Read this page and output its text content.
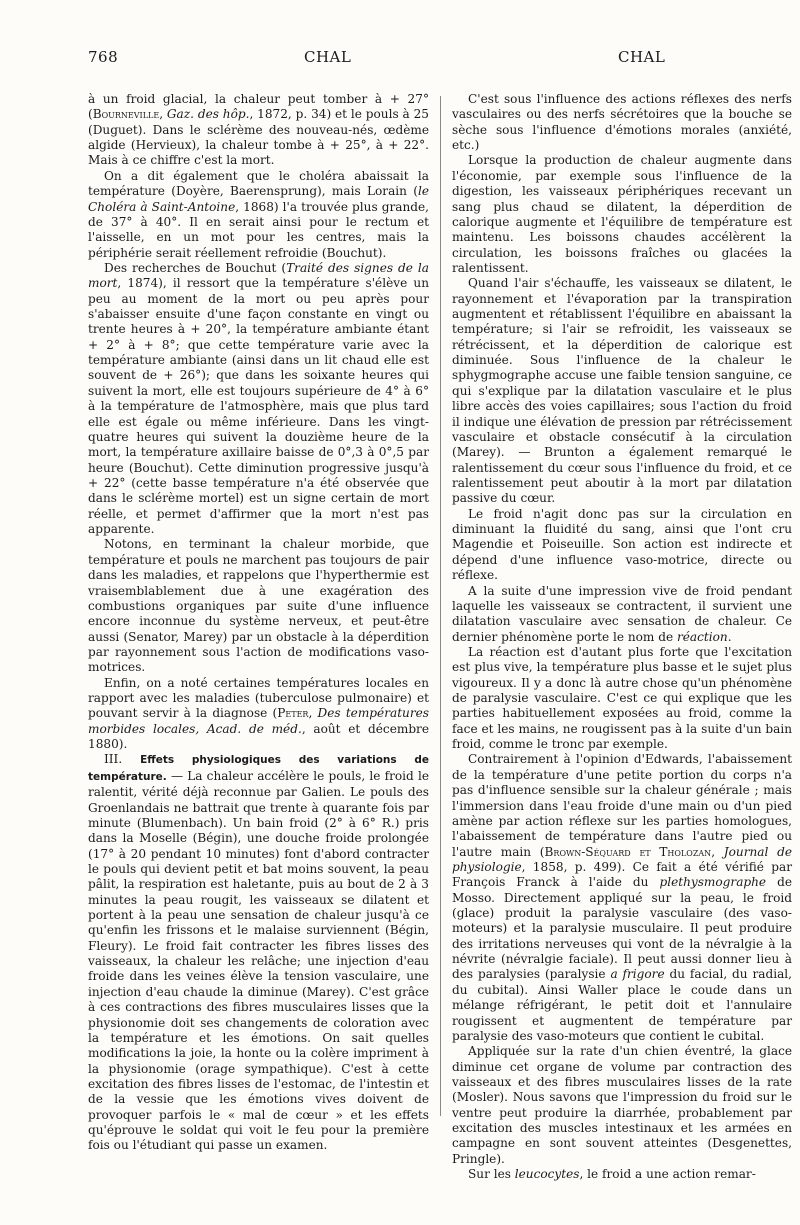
768	CHAL	CHAL

à un froid glacial, la chaleur peut tomber à + 27° (Bourneville, Gaz. des hôp., 1872, p. 34) et le pouls à 25 (Duguet). Dans le sclérème des nouveau-nés, œdème algide (Hervieux), la chaleur tombe à + 25°, à + 22°. Mais à ce chiffre c'est la mort.

On a dit également que le choléra abaissait la température (Doyère, Baerensprung), mais Lorain (le Choléra à Saint-Antoine, 1868) l'a trouvée plus grande, de 37° à 40°. Il en serait ainsi pour le rectum et l'aisselle, en un mot pour les centres, mais la périphérie serait réellement refroidie (Bouchut).

Des recherches de Bouchut (Traité des signes de la mort, 1874), il ressort que la température s'élève un peu au moment de la mort ou peu après pour s'abaisser ensuite d'une façon constante en vingt ou trente heures à + 20°, la température ambiante étant + 2° à + 8°; que cette température varie avec la température ambiante (ainsi dans un lit chaud elle est souvent de + 26°); que dans les soixante heures qui suivent la mort, elle est toujours supérieure de 4° à 6° à la température de l'atmosphère, mais que plus tard elle est égale ou même inférieure. Dans les vingt-quatre heures qui suivent la douzième heure de la mort, la température axillaire baisse de 0°,3 à 0°,5 par heure (Bouchut). Cette diminution progressive jusqu'à + 22° (cette basse température n'a été observée que dans le sclérème mortel) est un signe certain de mort réelle, et permet d'affirmer que la mort n'est pas apparente.

Notons, en terminant la chaleur morbide, que température et pouls ne marchent pas toujours de pair dans les maladies, et rappelons que l'hyperthermie est vraisemblablement due à une exagération des combustions organiques par suite d'une influence encore inconnue du système nerveux, et peut-être aussi (Senator, Marey) par un obstacle à la déperdition par rayonnement sous l'action de modifications vaso-motrices.

Enfin, on a noté certaines températures locales en rapport avec les maladies (tuberculose pulmonaire) et pouvant servir à la diagnose (Peter, Des températures morbides locales, Acad. de méd., août et décembre 1880).

III. Effets physiologiques des variations de température. — La chaleur accélère le pouls, le froid le ralentit, vérité déjà reconnue par Galien. Le pouls des Groenlandais ne battrait que trente à quarante fois par minute (Blumenbach). Un bain froid (2° à 6° R.) pris dans la Moselle (Bégin), une douche froide prolongée (17° à 20 pendant 10 minutes) font d'abord contracter le pouls qui devient petit et bat moins souvent, la peau pâlit, la respiration est haletante, puis au bout de 2 à 3 minutes la peau rougit, les vaisseaux se dilatent et portent à la peau une sensation de chaleur jusqu'à ce qu'enfin les frissons et le malaise surviennent (Bégin, Fleury). Le froid fait contracter les fibres lisses des vaisseaux, la chaleur les relâche; une injection d'eau froide dans les veines élève la tension vasculaire, une injection d'eau chaude la diminue (Marey). C'est grâce à ces contractions des fibres musculaires lisses que la physionomie doit ses changements de coloration avec la température et les émotions. On sait quelles modifications la joie, la honte ou la colère impriment à la physionomie (orage sympathique). C'est à cette excitation des fibres lisses de l'estomac, de l'intestin et de la vessie que les émotions vives doivent de provoquer parfois le « mal de cœur » et les effets qu'éprouve le soldat qui voit le feu pour la première fois ou l'étudiant qui passe un examen.

C'est sous l'influence des actions réflexes des nerfs vasculaires ou des nerfs sécrétoires que la bouche se sèche sous l'influence d'émotions morales (anxiété, etc.)

Lorsque la production de chaleur augmente dans l'économie, par exemple sous l'influence de la digestion, les vaisseaux périphériques recevant un sang plus chaud se dilatent, la déperdition de calorique augmente et l'équilibre de température est maintenu. Les boissons chaudes accélèrent la circulation, les boissons fraîches ou glacées la ralentissent.

Quand l'air s'échauffe, les vaisseaux se dilatent, le rayonnement et l'évaporation par la transpiration augmentent et rétablissent l'équilibre en abaissant la température; si l'air se refroidit, les vaisseaux se rétrécissent, et la déperdition de calorique est diminuée. Sous l'influence de la chaleur le sphygmographe accuse une faible tension sanguine, ce qui s'explique par la dilatation vasculaire et le plus libre accès des voies capillaires; sous l'action du froid il indique une élévation de pression par rétrécissement vasculaire et obstacle consécutif à la circulation (Marey). — Brunton a également remarqué le ralentissement du cœur sous l'influence du froid, et ce ralentissement peut aboutir à la mort par dilatation passive du cœur.

Le froid n'agit donc pas sur la circulation en diminuant la fluidité du sang, ainsi que l'ont cru Magendie et Poiseuille. Son action est indirecte et dépend d'une influence vaso-motrice, directe ou réflexe.

A la suite d'une impression vive de froid pendant laquelle les vaisseaux se contractent, il survient une dilatation vasculaire avec sensation de chaleur. Ce dernier phénomène porte le nom de réaction.

La réaction est d'autant plus forte que l'excitation est plus vive, la température plus basse et le sujet plus vigoureux. Il y a donc là autre chose qu'un phénomène de paralysie vasculaire. C'est ce qui explique que les parties habituellement exposées au froid, comme la face et les mains, ne rougissent pas à la suite d'un bain froid, comme le tronc par exemple.

Contrairement à l'opinion d'Edwards, l'abaissement de la température d'une petite portion du corps n'a pas d'influence sensible sur la chaleur générale ; mais l'immersion dans l'eau froide d'une main ou d'un pied amène par action réflexe sur les parties homologues, l'abaissement de température dans l'autre pied ou l'autre main (Brown-Séquard et Tholozan, Journal de physiologie, 1858, p. 499). Ce fait a été vérifié par François Franck à l'aide du plethysmographe de Mosso. Directement appliqué sur la peau, le froid (glace) produit la paralysie vasculaire (des vaso-moteurs) et la paralysie musculaire. Il peut produire des irritations nerveuses qui vont de la névralgie à la névrite (névralgie faciale). Il peut aussi donner lieu à des paralysies (paralysie a frigore du facial, du radial, du cubital). Ainsi Waller place le coude dans un mélange réfrigérant, le petit doit et l'annulaire rougissent et augmentent de température par paralysie des vaso-moteurs que contient le cubital.

Appliquée sur la rate d'un chien éventré, la glace diminue cet organe de volume par contraction des vaisseaux et des fibres musculaires lisses de la rate (Mosler). Nous savons que l'impression du froid sur le ventre peut produire la diarrhée, probablement par excitation des muscles intestinaux et les armées en campagne en sont souvent atteintes (Desgenettes, Pringle).

Sur les leucocytes, le froid a une action remar-
